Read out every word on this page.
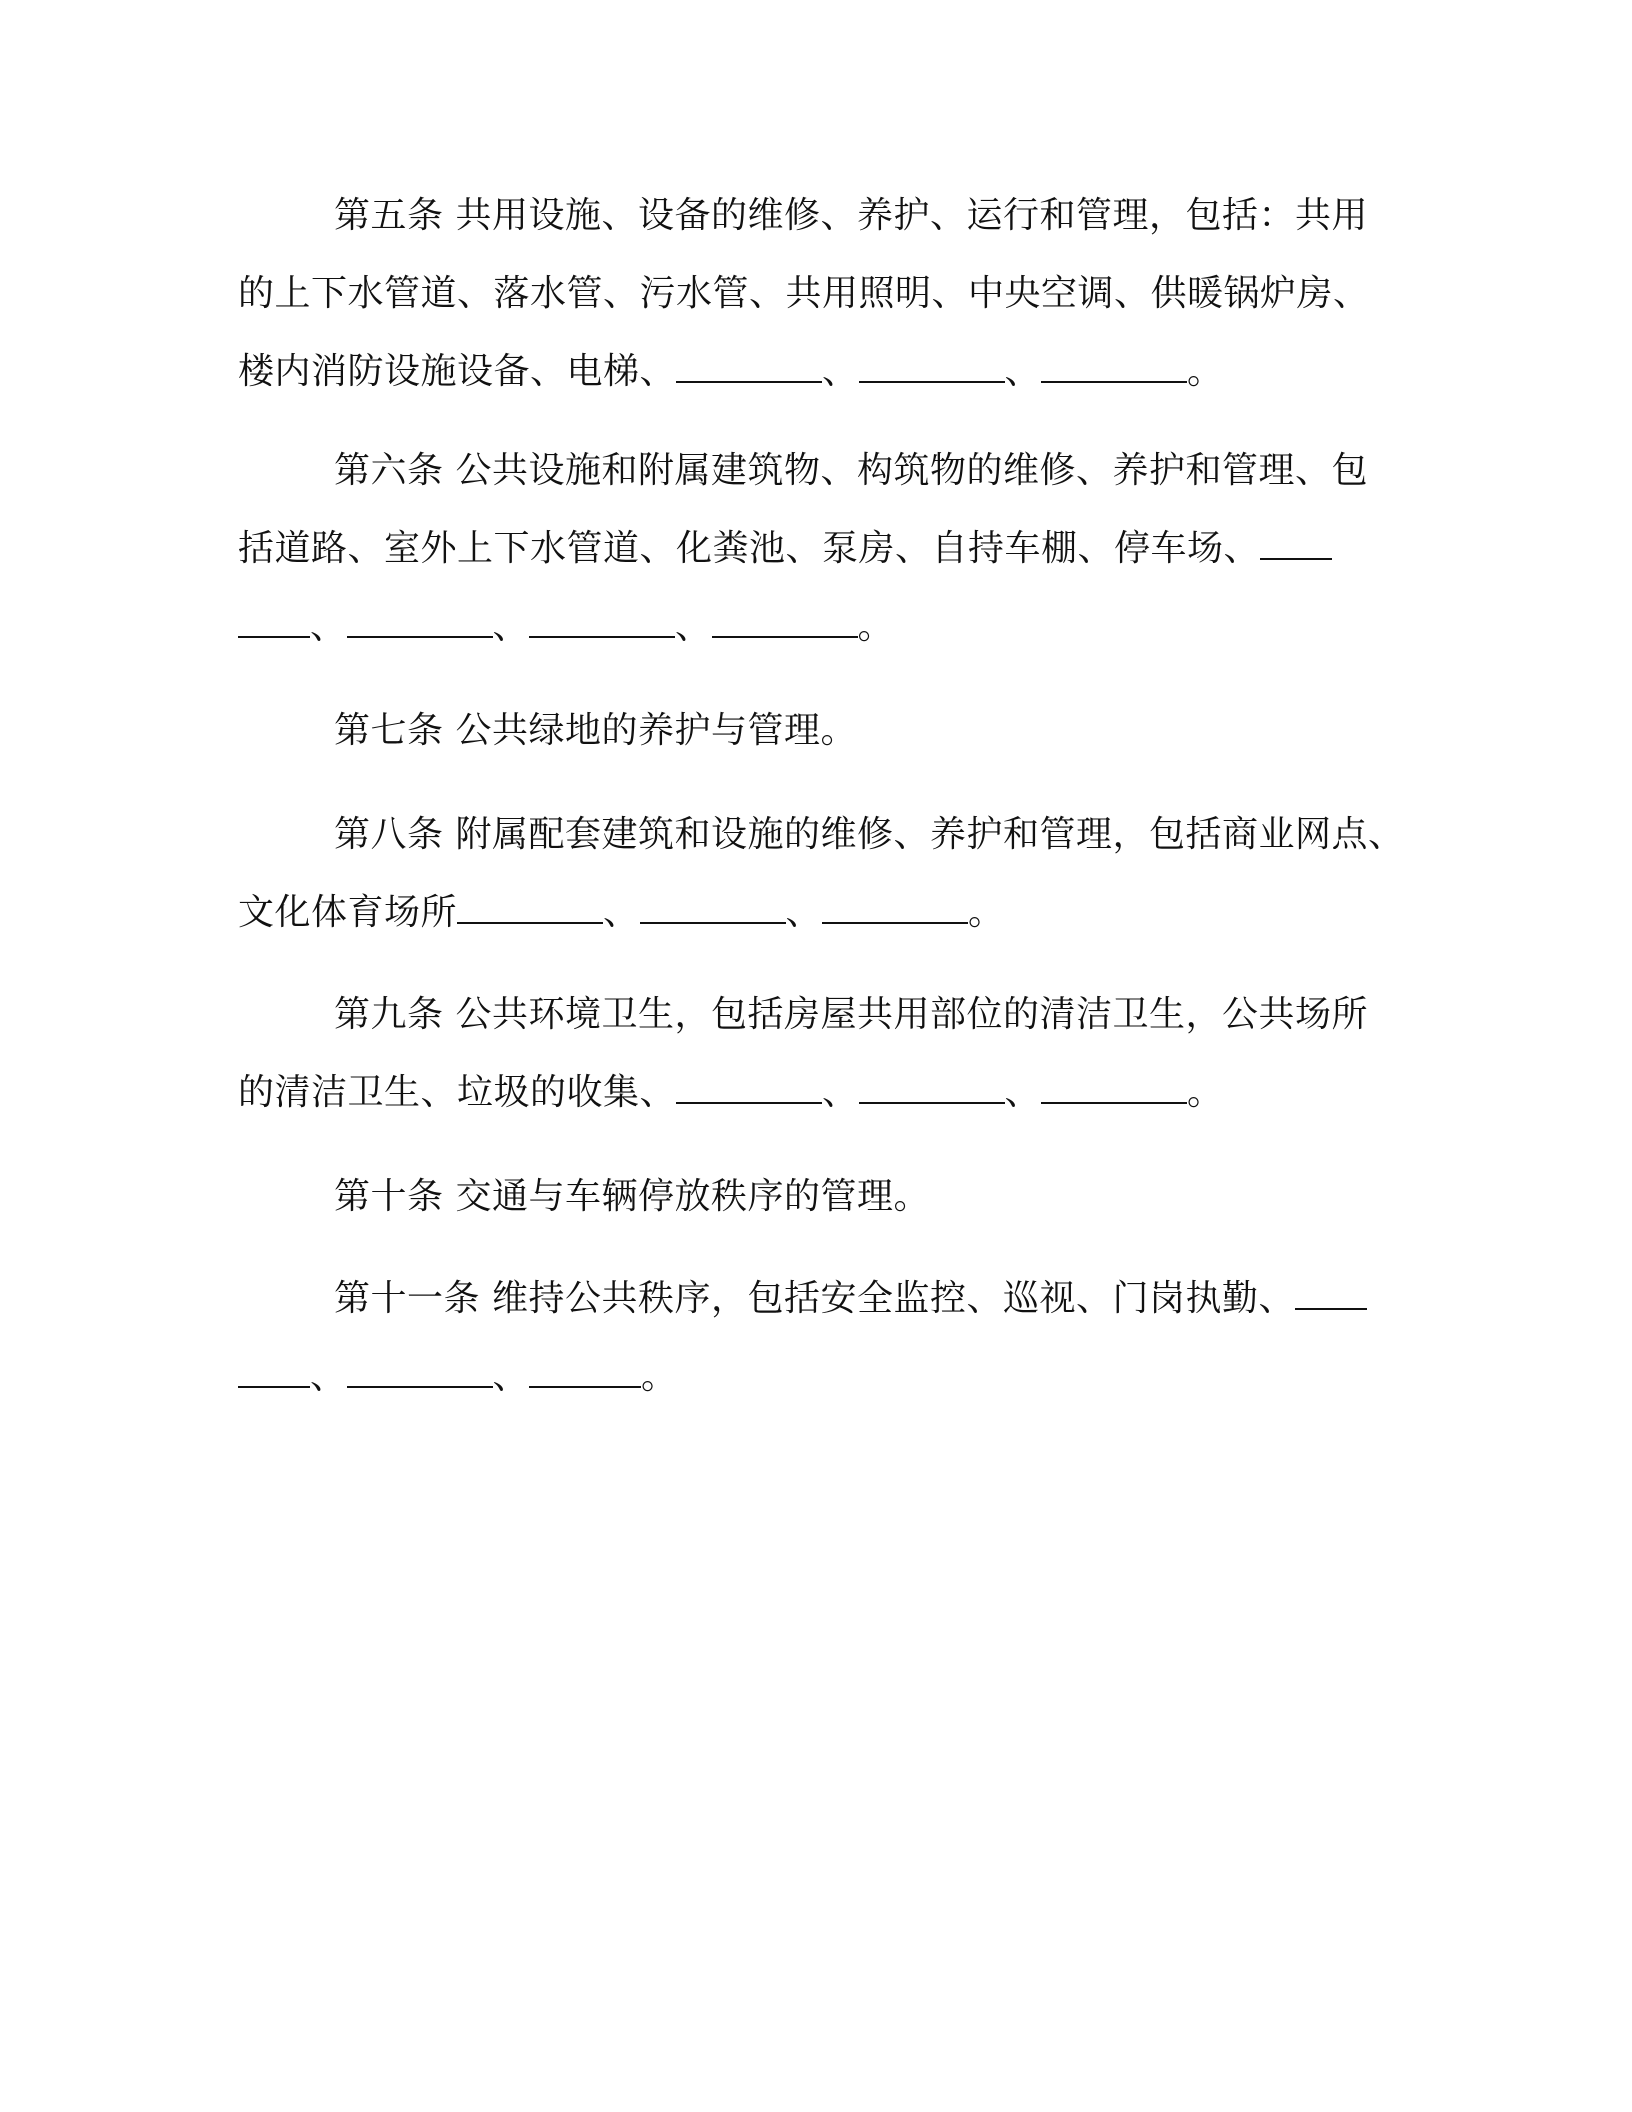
第五条 共用设施、设备的维修、养护、运行和管理，包括：共用
的上下水管道、落水管、污水管、共用照明、中央空调、供暖锅炉房、
楼内消防设施设备、电梯、	、	、	。
第六条 公共设施和附属建筑物、构筑物的维修、养护和管理、包
括道路、室外上下水管道、化粪池、泵房、自持车棚、停车场、
、	、	、	。
第七条 公共绿地的养护与管理。
第八条 附属配套建筑和设施的维修、养护和管理，包括商业网点、
文化体育场所	、	、	。
第九条 公共环境卫生，包括房屋共用部位的清洁卫生，公共场所
的清洁卫生、垃圾的收集、	、	、	。
第十条 交通与车辆停放秩序的管理。
第十一条 维持公共秩序，包括安全监控、巡视、门岗执勤、
、	、	。
